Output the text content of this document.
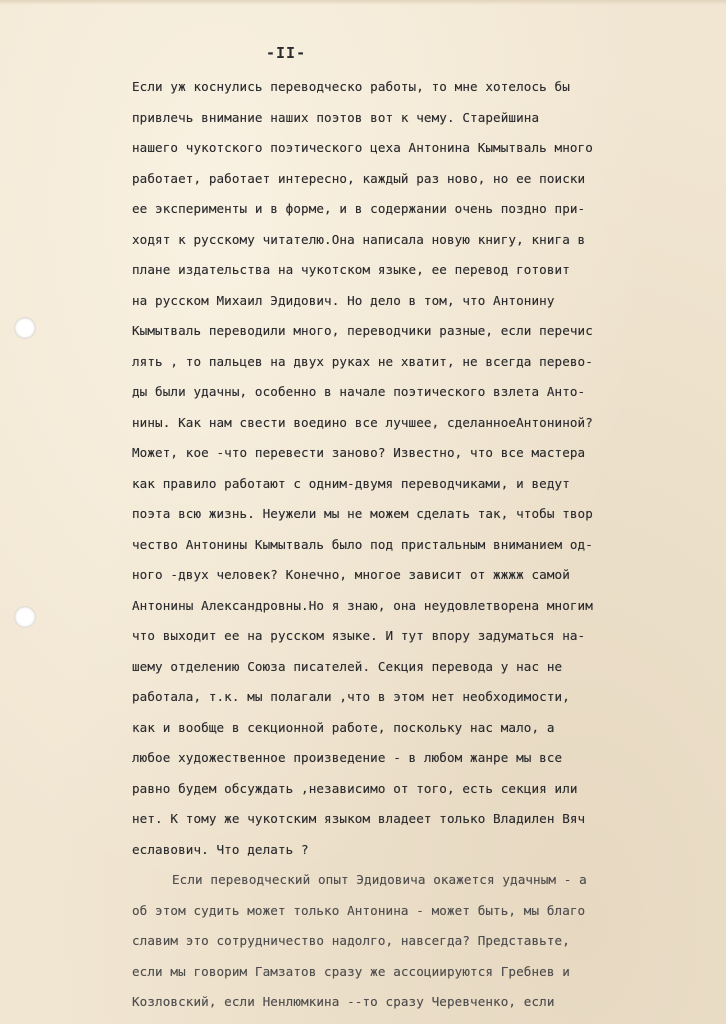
-II-
Если уж коснулись переводческо работы, то мне хотелось бы
привлечь внимание наших поэтов вот к чему. Старейшина
нашего чукотского поэтического цеха Антонина Кымытваль много
работает, работает интересно, каждый раз ново, но ее поиски
ее эксперименты и в форме, и в содержании очень поздно при-
ходят к русскому читателю.Она написала новую книгу, книга в
плане издательства на чукотском языке, ее перевод готовит
на русском Михаил Эдидович. Но дело в том, что Антонину
Кымытваль переводили много, переводчики разные, если перечис
лять , то пальцев на двух руках не хватит, не всегда перево-
ды были удачны, особенно в начале поэтического взлета Анто-
нины. Как нам свести воедино все лучшее, сделанноеАнтониной?
Может, кое -что перевести заново? Известно, что все мастера
как правило работают с одним-двумя переводчиками, и ведут
поэта всю жизнь. Неужели мы не можем сделать так, чтобы твор
чество Антонины Кымытваль было под пристальным вниманием од-
ного -двух человек? Конечно, многое зависит от жжжж самой
Антонины Александровны.Но я знаю, она неудовлетворена многим
что выходит ее на русском языке. И тут впору задуматься на-
шему отделению Союза писателей. Секция перевода у нас не
работала, т.к. мы полагали ,что в этом нет необходимости,
как и вообще в секционной работе, поскольку нас мало, а
любое художественное произведение - в любом жанре мы все
равно будем обсуждать ,независимо от того, есть секция или
нет. К тому же чукотским языком владеет только Владилен Вяч
еславович. Что делать ?
Если переводческий опыт Эдидовича окажется удачным - а
об этом судить может только Антонина - может быть, мы благо
славим это сотрудничество надолго, навсегда? Представьте,
если мы говорим Гамзатов сразу же ассоциируются Гребнев и
Козловский, если Ненлюмкина --то сразу Черевченко, если
